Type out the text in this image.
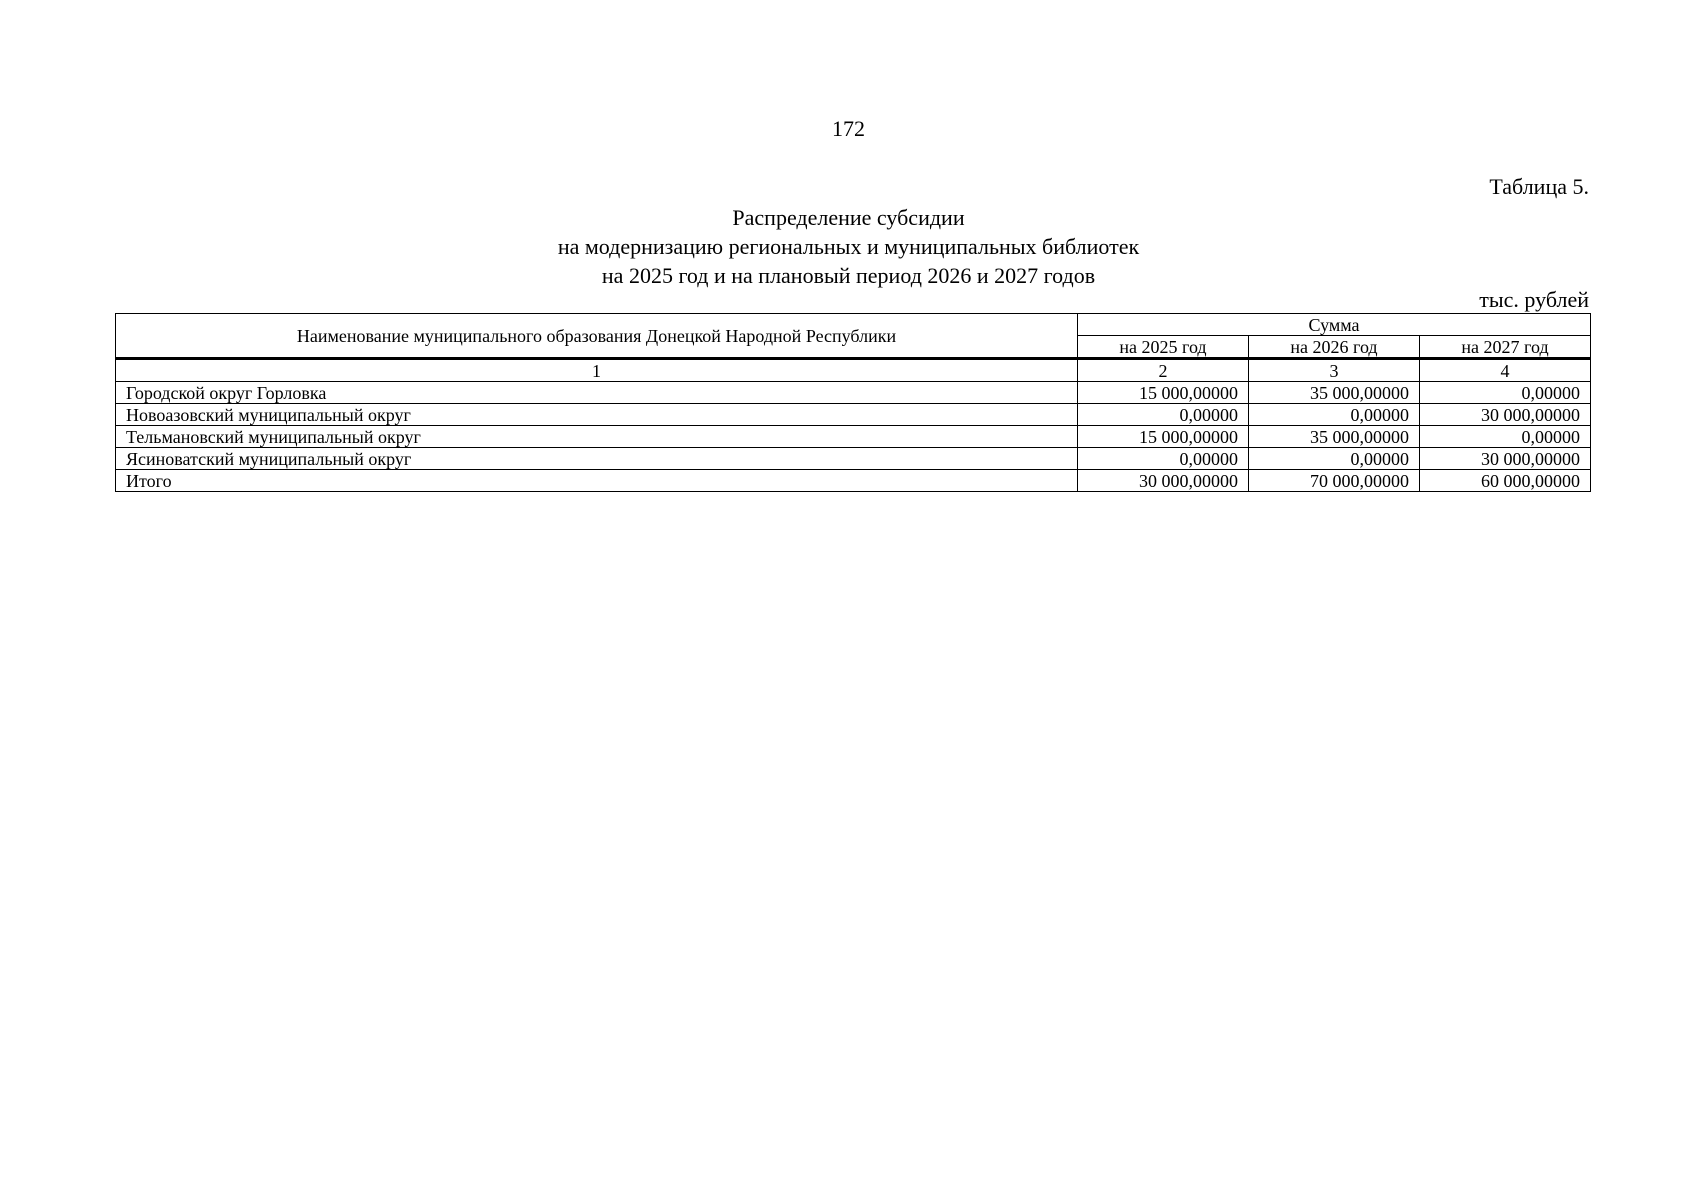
172
Таблица 5.
Распределение субсидии
на модернизацию региональных и муниципальных библиотек
на 2025 год и на плановый период 2026 и 2027 годов
тыс. рублей
Наименование муниципального образования Донецкой Народной Республики	Сумма		
	на 2025 год	на 2026 год	на 2027 год
1	2	3	4
Городской округ Горловка	15 000,00000	35 000,00000	0,00000
Новоазовский муниципальный округ	0,00000	0,00000	30 000,00000
Тельмановский муниципальный округ	15 000,00000	35 000,00000	0,00000
Ясиноватский муниципальный округ	0,00000	0,00000	30 000,00000
Итого	30 000,00000	70 000,00000	60 000,00000
